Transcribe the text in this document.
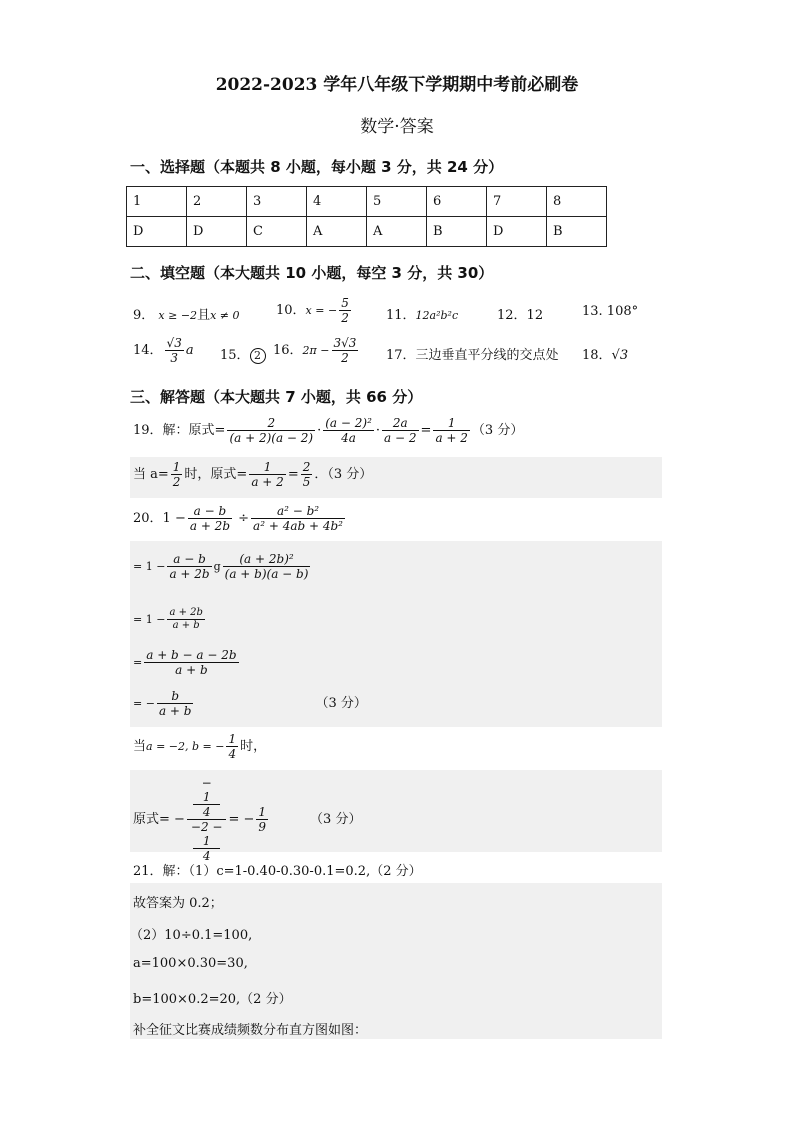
2022-2023 学年八年级下学期期中考前必刷卷
数学·答案
一、选择题（本题共 8 小题，每小题 3 分，共 24 分）
1	2	3	4	5	6	7	8
D	D	C	A	A	B	D	B
二、填空题（本大题共 10 小题，每空 3 分，共 30）
9． x ≥ −2且x ≠ 0	10．x = − $\frac{5}{2}$	11．12a²b²c	12．12	13. 108°
14． $\frac{√3}{3}$ a 15． 2 16．$2\pi - \frac{3√3}{2} 17$．三边垂直平分线的交点处 18．√3
三、解答题（本大题共 7 小题，共 66 分）
19．解：原式= $\frac{2}{(a + 2)(a - 2)} \cdot \frac{\text{(a − 2)²}}{4a} \cdot \frac{2a}{a - 2} = \frac{1}{a + 2} (3$ 分）
当 $a= \frac{1}{2}$ 时，原式= $\frac{1}{a + 2} = \frac{2}{5}$ ．（3 分）
20．$1 - \frac{a - b}{a + 2b} \div \frac{\text{a² − b²}}{\text{a² + 4ab + 4b²}}$
= $1 - \frac{a - b}{a + 2b}$ g $\frac{\text{(a + 2b)²}}{(a + b)(a - b)}$
= $1 - \frac{a + 2b}{a + b}$
= $\frac{a + b - a - 2b}{a + b}$
= − $\frac{b}{a + b}$	（3 分）
当a = −2, b = − $\frac{1}{4}$ 时，
原式= − −
1
4
−2 −
1
4 = − $\frac{1}{9}$	（3 分）
21．解：（1）c=1-0.40-0.30-0.1=0.2,（2 分）
故答案为 0.2；
（2）10÷0.1=100,
a=100×0.30=30,
b=100×0.2=20,（2 分）
补全征文比赛成绩频数分布直方图如图：
